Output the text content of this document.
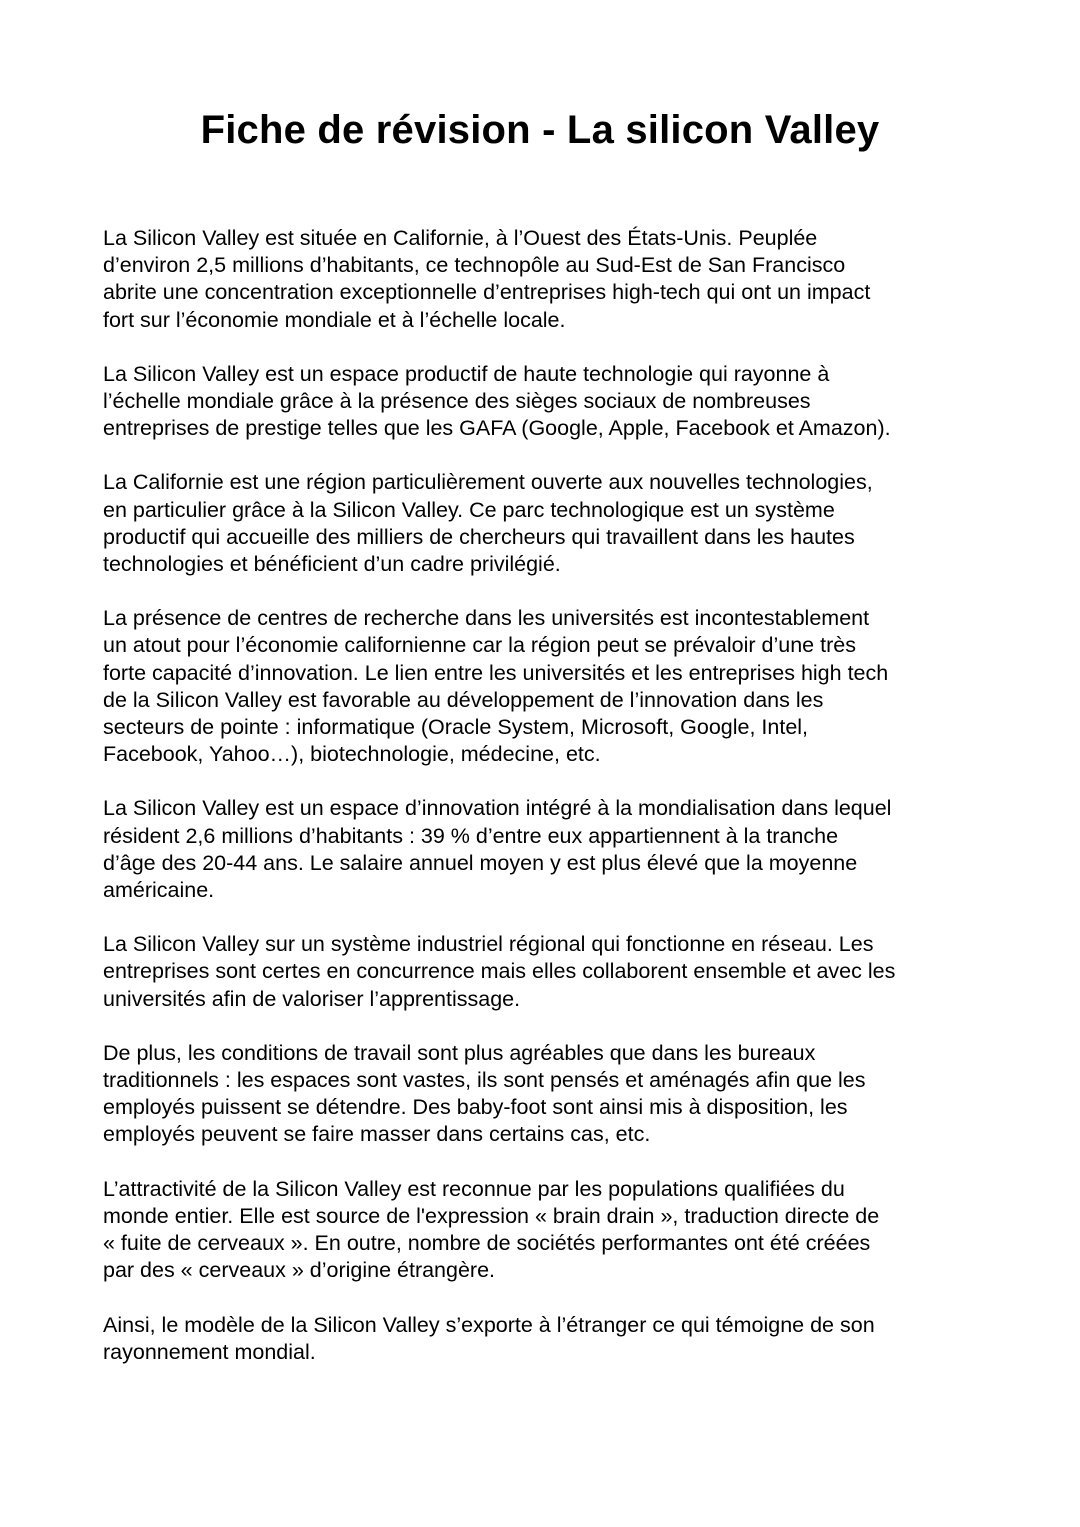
Fiche de révision - La silicon Valley

La Silicon Valley est située en Californie, à l’Ouest des États-Unis. Peuplée
d’environ 2,5 millions d’habitants, ce technopôle au Sud-Est de San Francisco
abrite une concentration exceptionnelle d’entreprises high-tech qui ont un impact
fort sur l’économie mondiale et à l’échelle locale.

La Silicon Valley est un espace productif de haute technologie qui rayonne à
l’échelle mondiale grâce à la présence des sièges sociaux de nombreuses
entreprises de prestige telles que les GAFA (Google, Apple, Facebook et Amazon).

La Californie est une région particulièrement ouverte aux nouvelles technologies,
en particulier grâce à la Silicon Valley. Ce parc technologique est un système
productif qui accueille des milliers de chercheurs qui travaillent dans les hautes
technologies et bénéficient d’un cadre privilégié.

La présence de centres de recherche dans les universités est incontestablement
un atout pour l’économie californienne car la région peut se prévaloir d’une très
forte capacité d’innovation. Le lien entre les universités et les entreprises high tech
de la Silicon Valley est favorable au développement de l’innovation dans les
secteurs de pointe : informatique (Oracle System, Microsoft, Google, Intel,
Facebook, Yahoo…), biotechnologie, médecine, etc.

La Silicon Valley est un espace d’innovation intégré à la mondialisation dans lequel
résident 2,6 millions d’habitants : 39 % d’entre eux appartiennent à la tranche
d’âge des 20-44 ans. Le salaire annuel moyen y est plus élevé que la moyenne
américaine.

La Silicon Valley sur un système industriel régional qui fonctionne en réseau. Les
entreprises sont certes en concurrence mais elles collaborent ensemble et avec les
universités afin de valoriser l’apprentissage.

De plus, les conditions de travail sont plus agréables que dans les bureaux
traditionnels : les espaces sont vastes, ils sont pensés et aménagés afin que les
employés puissent se détendre. Des baby-foot sont ainsi mis à disposition, les
employés peuvent se faire masser dans certains cas, etc.

L’attractivité de la Silicon Valley est reconnue par les populations qualifiées du
monde entier. Elle est source de l'expression « brain drain », traduction directe de
« fuite de cerveaux ». En outre, nombre de sociétés performantes ont été créées
par des « cerveaux » d’origine étrangère.

Ainsi, le modèle de la Silicon Valley s’exporte à l’étranger ce qui témoigne de son
rayonnement mondial.
